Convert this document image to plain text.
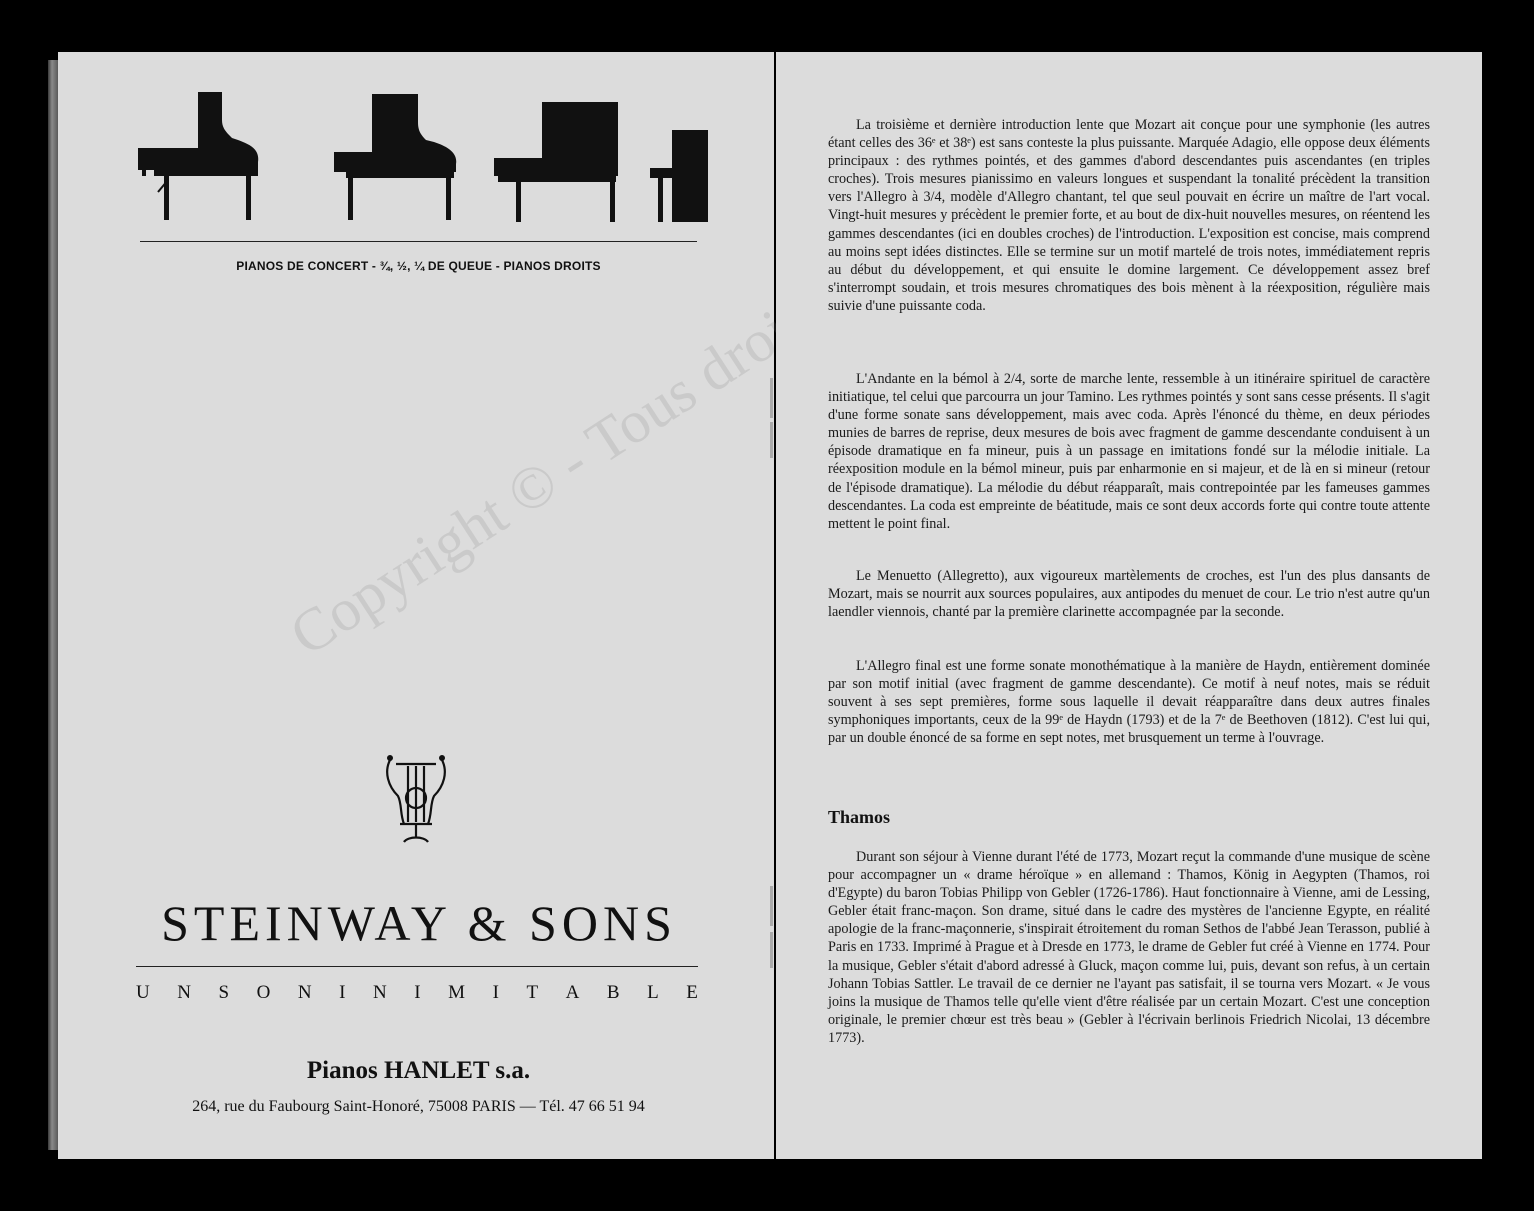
PIANOS DE CONCERT - ¾, ½, ¼ DE QUEUE - PIANOS DROITS
STEINWAY & SONS
U N S O N I N I M I T A B L E
Pianos HANLET s.a.
264, rue du Faubourg Saint-Honoré, 75008 PARIS — Tél. 47 66 51 94
Copyright © - Tous droits

La troisième et dernière introduction lente que Mozart ait conçue pour une symphonie (les autres étant celles des 36ᵉ et 38ᵉ) est sans conteste la plus puissante. Marquée Adagio, elle oppose deux éléments principaux : des rythmes pointés, et des gammes d'abord descendantes puis ascendantes (en triples croches). Trois mesures pianissimo en valeurs longues et suspendant la tonalité précèdent la transition vers l'Allegro à 3/4, modèle d'Allegro chantant, tel que seul pouvait en écrire un maître de l'art vocal. Vingt-huit mesures y précèdent le premier forte, et au bout de dix-huit nouvelles mesures, on réentend les gammes descendantes (ici en doubles croches) de l'introduction. L'exposition est concise, mais comprend au moins sept idées distinctes. Elle se termine sur un motif martelé de trois notes, immédiatement repris au début du développement, et qui ensuite le domine largement. Ce développement assez bref s'interrompt soudain, et trois mesures chromatiques des bois mènent à la réexposition, régulière mais suivie d'une puissante coda.

L'Andante en la bémol à 2/4, sorte de marche lente, ressemble à un itinéraire spirituel de caractère initiatique, tel celui que parcourra un jour Tamino. Les rythmes pointés y sont sans cesse présents. Il s'agit d'une forme sonate sans développement, mais avec coda. Après l'énoncé du thème, en deux périodes munies de barres de reprise, deux mesures de bois avec fragment de gamme descendante conduisent à un épisode dramatique en fa mineur, puis à un passage en imitations fondé sur la mélodie initiale. La réexposition module en la bémol mineur, puis par enharmonie en si majeur, et de là en si mineur (retour de l'épisode dramatique). La mélodie du début réapparaît, mais contrepointée par les fameuses gammes descendantes. La coda est empreinte de béatitude, mais ce sont deux accords forte qui contre toute attente mettent le point final.

Le Menuetto (Allegretto), aux vigoureux martèlements de croches, est l'un des plus dansants de Mozart, mais se nourrit aux sources populaires, aux antipodes du menuet de cour. Le trio n'est autre qu'un laendler viennois, chanté par la première clarinette accompagnée par la seconde.

L'Allegro final est une forme sonate monothématique à la manière de Haydn, entièrement dominée par son motif initial (avec fragment de gamme descendante). Ce motif à neuf notes, mais se réduit souvent à ses sept premières, forme sous laquelle il devait réapparaître dans deux autres finales symphoniques importants, ceux de la 99ᵉ de Haydn (1793) et de la 7ᵉ de Beethoven (1812). C'est lui qui, par un double énoncé de sa forme en sept notes, met brusquement un terme à l'ouvrage.

Thamos

Durant son séjour à Vienne durant l'été de 1773, Mozart reçut la commande d'une musique de scène pour accompagner un « drame héroïque » en allemand : Thamos, König in Aegypten (Thamos, roi d'Egypte) du baron Tobias Philipp von Gebler (1726-1786). Haut fonctionnaire à Vienne, ami de Lessing, Gebler était franc-maçon. Son drame, situé dans le cadre des mystères de l'ancienne Egypte, en réalité apologie de la franc-maçonnerie, s'inspirait étroitement du roman Sethos de l'abbé Jean Terasson, publié à Paris en 1733. Imprimé à Prague et à Dresde en 1773, le drame de Gebler fut créé à Vienne en 1774. Pour la musique, Gebler s'était d'abord adressé à Gluck, maçon comme lui, puis, devant son refus, à un certain Johann Tobias Sattler. Le travail de ce dernier ne l'ayant pas satisfait, il se tourna vers Mozart. « Je vous joins la musique de Thamos telle qu'elle vient d'être réalisée par un certain Mozart. C'est une conception originale, le premier chœur est très beau » (Gebler à l'écrivain berlinois Friedrich Nicolai, 13 décembre 1773).
